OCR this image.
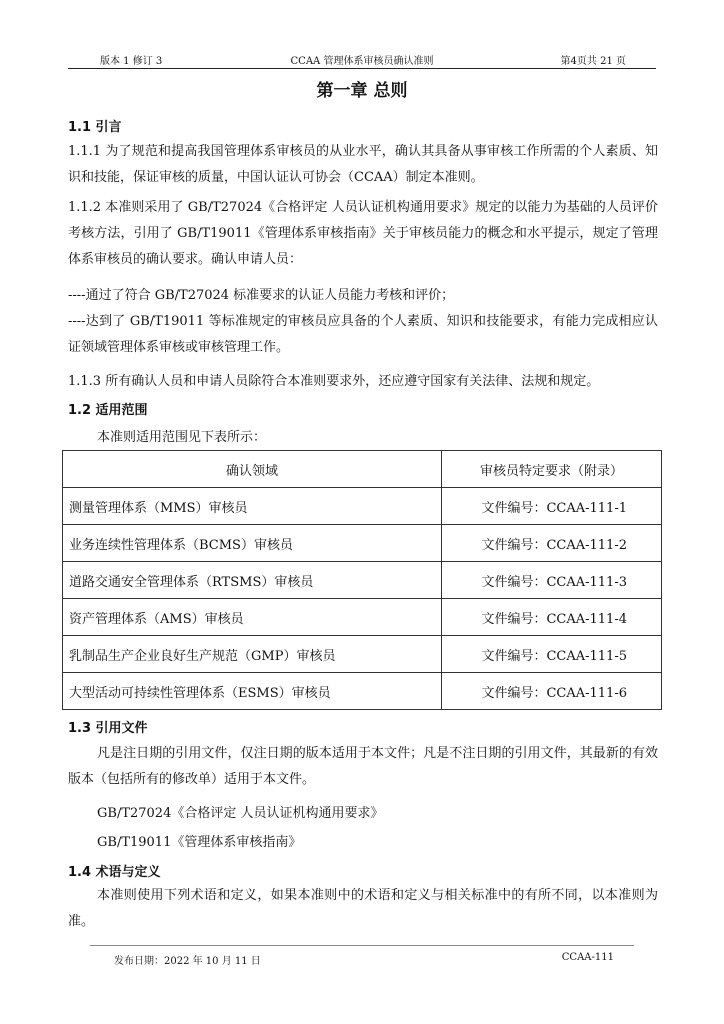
版本 1 修订 3	CCAA 管理体系审核员确认准则	第4页共 21 页
第一章 总则
1.1 引言
1.1.1 为了规范和提高我国管理体系审核员的从业水平，确认其具备从事审核工作所需的个人素质、知识和技能，保证审核的质量，中国认证认可协会（CCAA）制定本准则。
1.1.2 本准则采用了 GB/T27024《合格评定 人员认证机构通用要求》规定的以能力为基础的人员评价考核方法，引用了 GB/T19011《管理体系审核指南》关于审核员能力的概念和水平提示，规定了管理体系审核员的确认要求。确认申请人员：
----通过了符合 GB/T27024 标准要求的认证人员能力考核和评价；
----达到了 GB/T19011 等标准规定的审核员应具备的个人素质、知识和技能要求，有能力完成相应认证领域管理体系审核或审核管理工作。
1.1.3 所有确认人员和申请人员除符合本准则要求外，还应遵守国家有关法律、法规和规定。
1.2 适用范围
本准则适用范围见下表所示：
确认领域	审核员特定要求（附录）
测量管理体系（MMS）审核员	文件编号：CCAA-111-1
业务连续性管理体系（BCMS）审核员	文件编号：CCAA-111-2
道路交通安全管理体系（RTSMS）审核员	文件编号：CCAA-111-3
资产管理体系（AMS）审核员	文件编号：CCAA-111-4
乳制品生产企业良好生产规范（GMP）审核员	文件编号：CCAA-111-5
大型活动可持续性管理体系（ESMS）审核员	文件编号：CCAA-111-6
1.3 引用文件
凡是注日期的引用文件，仅注日期的版本适用于本文件；凡是不注日期的引用文件，其最新的有效版本（包括所有的修改单）适用于本文件。
GB/T27024《合格评定 人员认证机构通用要求》
GB/T19011《管理体系审核指南》
1.4 术语与定义
本准则使用下列术语和定义，如果本准则中的术语和定义与相关标准中的有所不同，以本准则为准。
发布日期：2022 年 10 月 11 日	CCAA-111
